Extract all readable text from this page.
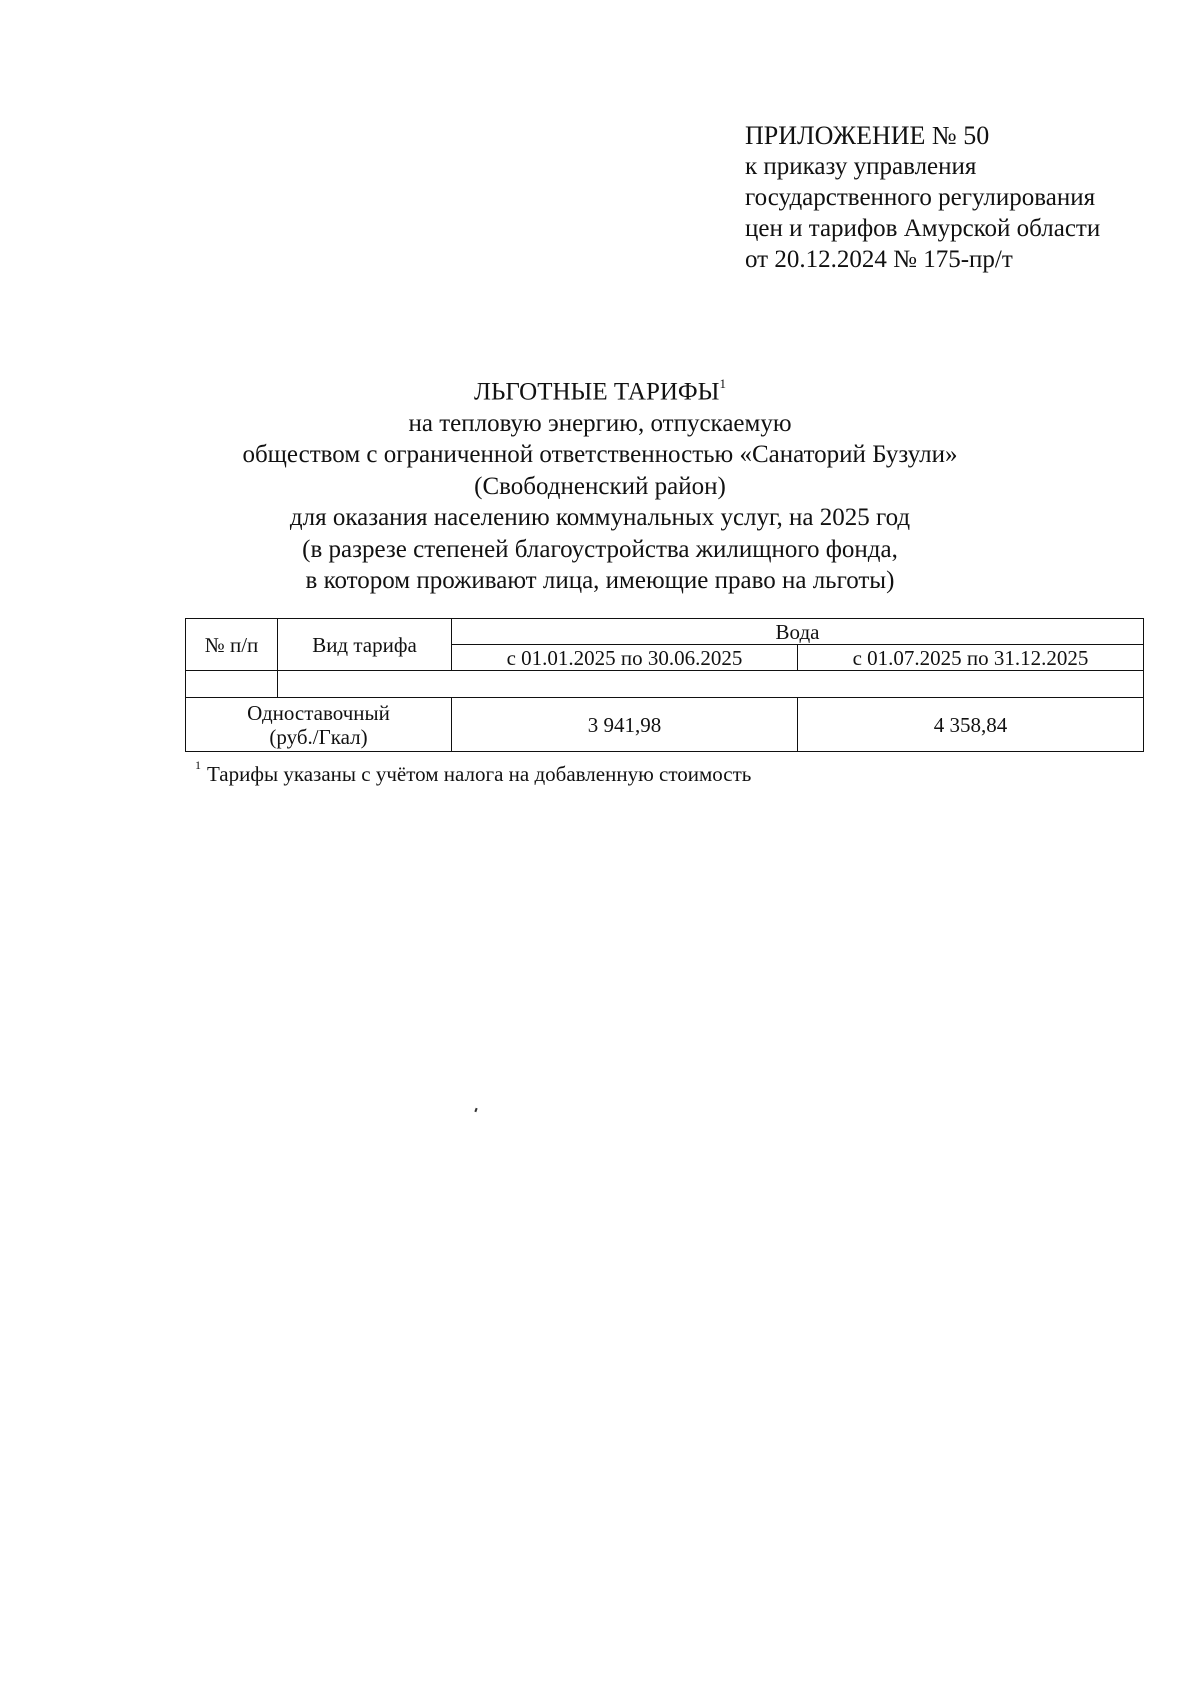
ПРИЛОЖЕНИЕ № 50
к приказу управления
государственного регулирования
цен и тарифов Амурской области
от 20.12.2024 № 175-пр/т
ЛЬГОТНЫЕ ТАРИФЫ$^1$
на тепловую энергию, отпускаемую
обществом с ограниченной ответственностью «Санаторий Бузули»
(Свободненский район)
для оказания населению коммунальных услуг, на 2025 год
(в разрезе степеней благоустройства жилищного фонда,
в котором проживают лица, имеющие право на льготы)
№ п/п	Вид тарифа	Вода	
		с 01.01.2025 по 30.06.2025	с 01.07.2025 по 31.12.2025

Одноставочный
(руб./Гкал)		3 941,98	4 358,84
$^1$ Тарифы указаны с учётом налога на добавленную стоимость
